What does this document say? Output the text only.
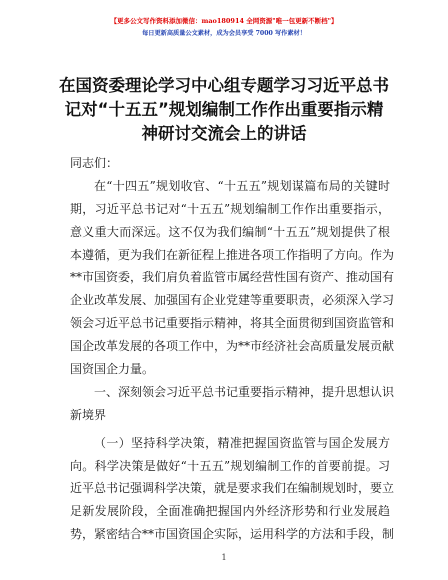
【更多公文写作资料添加微信：mao180914 全网资源"唯一包更新不断档"】
每日更新高质量公文素材，成为会员享受 7000 写作素材！
在国资委理论学习中心组专题学习习近平总书
记对“十五五”规划编制工作作出重要指示精
神研讨交流会上的讲话
同志们：
在“十四五”规划收官、“十五五”规划谋篇布局的关键时
期，习近平总书记对“十五五”规划编制工作作出重要指示，
意义重大而深远。这不仅为我们编制“十五五”规划提供了根
本遵循，更为我们在新征程上推进各项工作指明了方向。作为
**市国资委，我们肩负着监管市属经营性国有资产、推动国有
企业改革发展、加强国有企业党建等重要职责，必须深入学习
领会习近平总书记重要指示精神，将其全面贯彻到国资监管和
国企改革发展的各项工作中，为**市经济社会高质量发展贡献
国资国企力量。
一、深刻领会习近平总书记重要指示精神，提升思想认识
新境界
（一）坚持科学决策，精准把握国资监管与国企发展方
向。科学决策是做好“十五五”规划编制工作的首要前提。习
近平总书记强调科学决策，就是要求我们在编制规划时，要立
足新发展阶段，全面准确把握国内外经济形势和行业发展趋
势，紧密结合**市国资国企实际，运用科学的方法和手段，制
1
